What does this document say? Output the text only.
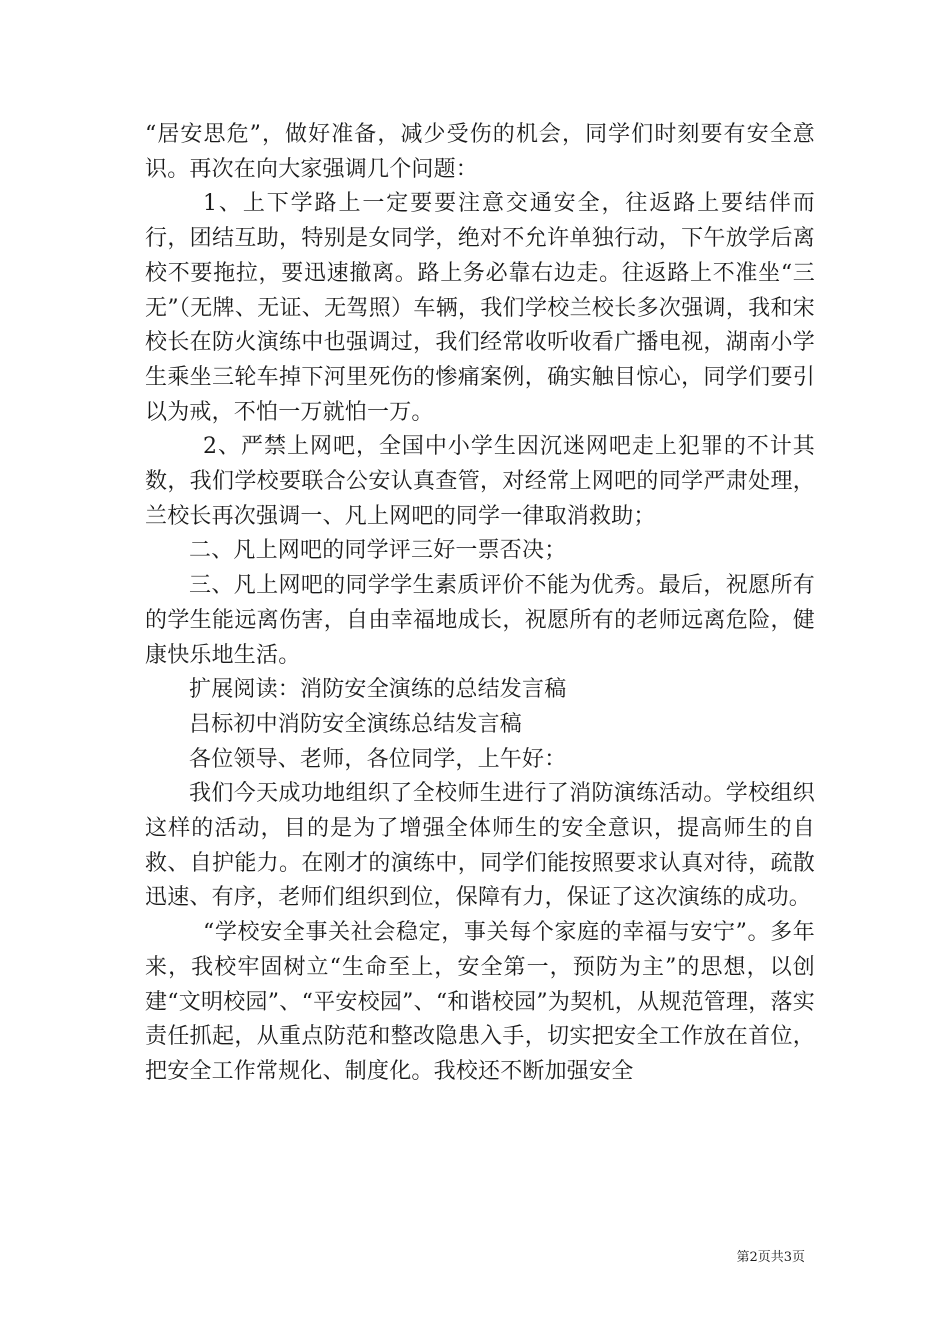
“居安思危”，做好准备，减少受伤的机会，同学们时刻要有安全意识。再次在向大家强调几个问题：

1、上下学路上一定要要注意交通安全，往返路上要结伴而行，团结互助，特别是女同学，绝对不允许单独行动，下午放学后离校不要拖拉，要迅速撤离。路上务必靠右边走。往返路上不准坐“三无”（无牌、无证、无驾照）车辆，我们学校兰校长多次强调，我和宋校长在防火演练中也强调过，我们经常收听收看广播电视，湖南小学生乘坐三轮车掉下河里死伤的惨痛案例，确实触目惊心，同学们要引以为戒，不怕一万就怕一万。

2、严禁上网吧，全国中小学生因沉迷网吧走上犯罪的不计其数，我们学校要联合公安认真查管，对经常上网吧的同学严肃处理，兰校长再次强调一、凡上网吧的同学一律取消救助；

二、凡上网吧的同学评三好一票否决；

三、凡上网吧的同学学生素质评价不能为优秀。最后，祝愿所有的学生能远离伤害，自由幸福地成长，祝愿所有的老师远离危险，健康快乐地生活。

扩展阅读：消防安全演练的总结发言稿

吕标初中消防安全演练总结发言稿

各位领导、老师，各位同学，上午好：

我们今天成功地组织了全校师生进行了消防演练活动。学校组织这样的活动，目的是为了增强全体师生的安全意识，提高师生的自救、自护能力。在刚才的演练中，同学们能按照要求认真对待，疏散迅速、有序，老师们组织到位，保障有力，保证了这次演练的成功。

“学校安全事关社会稳定，事关每个家庭的幸福与安宁”。多年来，我校牢固树立“生命至上，安全第一，预防为主”的思想，以创建“文明校园”、“平安校园”、“和谐校园”为契机，从规范管理，落实责任抓起，从重点防范和整改隐患入手，切实把安全工作放在首位，把安全工作常规化、制度化。我校还不断加强安全

第2页共3页
